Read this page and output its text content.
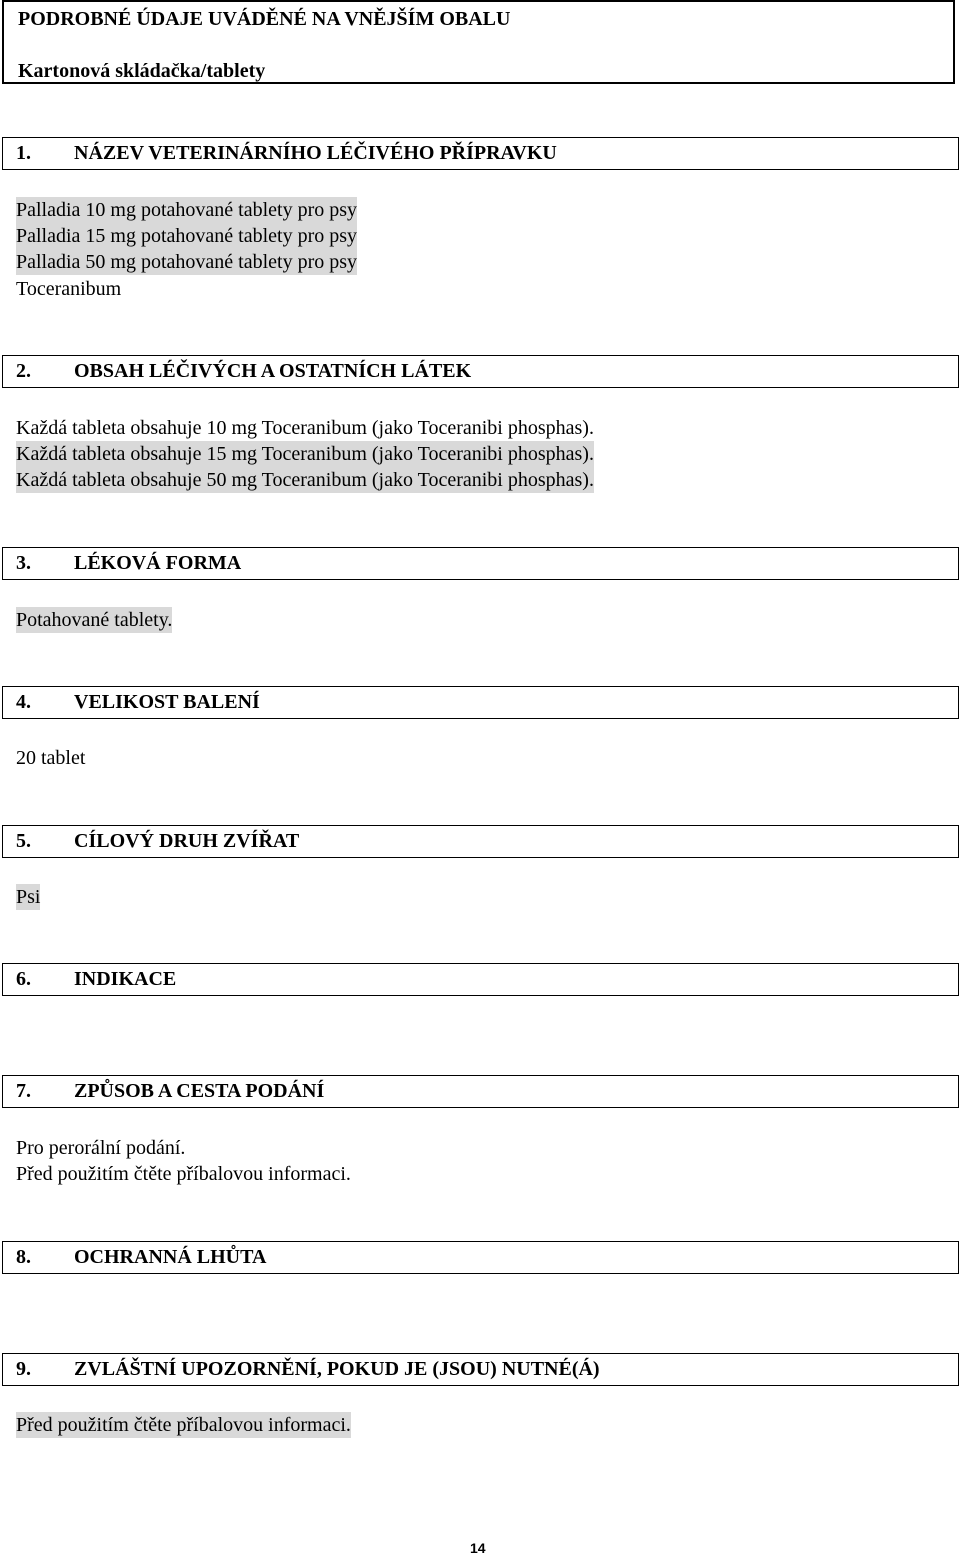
PODROBNÉ ÚDAJE UVÁDĚNÉ NA VNĚJŠÍM OBALU
Kartonová skládačka/tablety
1. NÁZEV VETERINÁRNÍHO LÉČIVÉHO PŘÍPRAVKU
Palladia 10 mg potahované tablety pro psy
Palladia 15 mg potahované tablety pro psy
Palladia 50 mg potahované tablety pro psy
Toceranibum
2. OBSAH LÉČIVÝCH A OSTATNÍCH LÁTEK
Každá tableta obsahuje 10 mg Toceranibum (jako Toceranibi phosphas).
Každá tableta obsahuje 15 mg Toceranibum (jako Toceranibi phosphas).
Každá tableta obsahuje 50 mg Toceranibum (jako Toceranibi phosphas).
3. LÉKOVÁ FORMA
Potahované tablety.
4. VELIKOST BALENÍ
20 tablet
5. CÍLOVÝ DRUH ZVÍŘAT
Psi
6. INDIKACE
7. ZPŮSOB A CESTA PODÁNÍ
Pro perorální podání.
Před použitím čtěte příbalovou informaci.
8. OCHRANNÁ LHŮTA
9. ZVLÁŠTNÍ UPOZORNĚNÍ, POKUD JE (JSOU) NUTNÉ(Á)
Před použitím čtěte příbalovou informaci.
14
